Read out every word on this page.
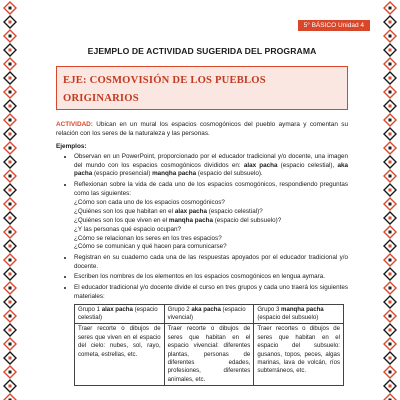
5° BÁSICO Unidad 4

EJEMPLO DE ACTIVIDAD SUGERIDA DEL PROGRAMA

EJE: COSMOVISIÓN DE LOS PUEBLOS ORIGINARIOS
ACTIVIDAD: Ubican en un mural los espacios cosmogónicos del pueblo aymara y comentan su relación con los seres de la naturaleza y las personas.
Ejemplos:
• Observan en un PowerPoint, proporcionado por el educador tradicional y/o docente, una imagen del mundo con los espacios cosmogónicos divididos en: alax pacha (espacio celestial), aka pacha (espacio presencial) manqha pacha (espacio del subsuelo).
• Reflexionan sobre la vida de cada uno de los espacios cosmogónicos, respondiendo preguntas como las siguientes:
¿Cómo son cada uno de los espacios cosmogónicos?
¿Quiénes son los que habitan en el alax pacha (espacio celestial)?
¿Quiénes son los que viven en el manqha pacha (espacio del subsuelo)?
¿Y las personas qué espacio ocupan?
¿Cómo se relacionan los seres en los tres espacios?
¿Cómo se comunican y qué hacen para comunicarse?
• Registran en su cuaderno cada una de las respuestas apoyados por el educador tradicional y/o docente.
• Escriben los nombres de los elementos en los espacios cosmogónicos en lengua aymara.
• El educador tradicional y/o docente divide el curso en tres grupos y cada uno traerá los siguientes materiales:
Grupo 1 alax pacha (espacio celestial)	Grupo 2 aka pacha (espacio vivencial)	Grupo 3 manqha pacha (espacio del subsuelo)
Traer recorte o dibujos de seres que viven en el espacio del cielo: nubes, sol, rayo, cometa, estrellas, etc.	Traer recorte o dibujos de seres que habitan en el espacio vivencial: diferentes plantas, personas de diferentes edades, profesiones, diferentes animales, etc.	Traer recortes o dibujos de seres que habitan en el espacio del subsuelo: gusanos, topos, peces, algas marinas, lava de volcán, ríos subterráneos, etc.
